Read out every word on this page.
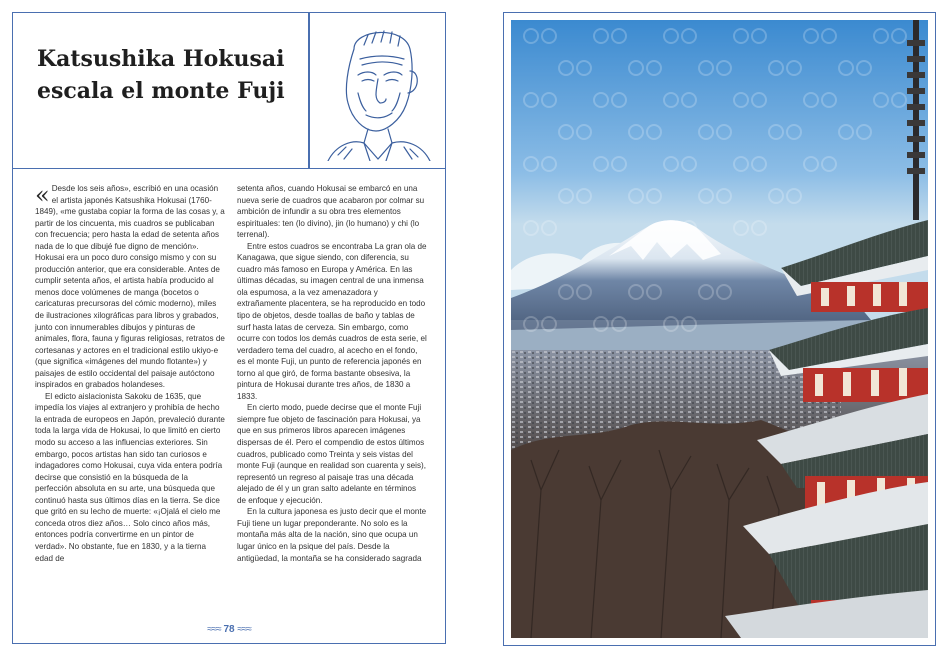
Katsushika Hokusai
escala el monte Fuji

« Desde los seis años», escribió en una ocasión el artista japonés Katsushika Hokusai (1760-1849), «me gustaba copiar la forma de las cosas y, a partir de los cincuenta, mis cuadros se publicaban con frecuencia; pero hasta la edad de setenta años nada de lo que dibujé fue digno de mención». Hokusai era un poco duro consigo mismo y con su producción anterior, que era considerable. Antes de cumplir setenta años, el artista había producido al menos doce volúmenes de manga (bocetos o caricaturas precursoras del cómic moderno), miles de ilustraciones xilográficas para libros y grabados, junto con innumerables dibujos y pinturas de animales, flora, fauna y figuras religiosas, retratos de cortesanas y actores en el tradicional estilo ukiyo-e (que significa «imágenes del mundo flotante») y paisajes de estilo occidental del paisaje autóctono inspirados en grabados holandeses.

El edicto aislacionista Sakoku de 1635, que impedía los viajes al extranjero y prohibía de hecho la entrada de europeos en Japón, prevaleció durante toda la larga vida de Hokusai, lo que limitó en cierto modo su acceso a las influencias exteriores. Sin embargo, pocos artistas han sido tan curiosos e indagadores como Hokusai, cuya vida entera podría decirse que consistió en la búsqueda de la perfección absoluta en su arte, una búsqueda que continuó hasta sus últimos días en la tierra. Se dice que gritó en su lecho de muerte: «¡Ojalá el cielo me conceda otros diez años… Solo cinco años más, entonces podría convertirme en un pintor de verdad». No obstante, fue en 1830, y a la tierna edad de

setenta años, cuando Hokusai se embarcó en una nueva serie de cuadros que acabaron por colmar su ambición de infundir a su obra tres elementos espirituales: ten (lo divino), jin (lo humano) y chi (lo terrenal).

Entre estos cuadros se encontraba La gran ola de Kanagawa, que sigue siendo, con diferencia, su cuadro más famoso en Europa y América. En las últimas décadas, su imagen central de una inmensa ola espumosa, a la vez amenazadora y extrañamente placentera, se ha reproducido en todo tipo de objetos, desde toallas de baño y tablas de surf hasta latas de cerveza. Sin embargo, como ocurre con todos los demás cuadros de esta serie, el verdadero tema del cuadro, al acecho en el fondo, es el monte Fuji, un punto de referencia japonés en torno al que giró, de forma bastante obsesiva, la pintura de Hokusai durante tres años, de 1830 a 1833.

En cierto modo, puede decirse que el monte Fuji siempre fue objeto de fascinación para Hokusai, ya que en sus primeros libros aparecen imágenes dispersas de él. Pero el compendio de estos últimos cuadros, publicado como Treinta y seis vistas del monte Fuji (aunque en realidad son cuarenta y seis), representó un regreso al paisaje tras una década alejado de él y un gran salto adelante en términos de enfoque y ejecución.

En la cultura japonesa es justo decir que el monte Fuji tiene un lugar preponderante. No solo es la montaña más alta de la nación, sino que ocupa un lugar único en la psique del país. Desde la antigüedad, la montaña se ha considerado sagrada

≈≈≈ 78 ≈≈≈
